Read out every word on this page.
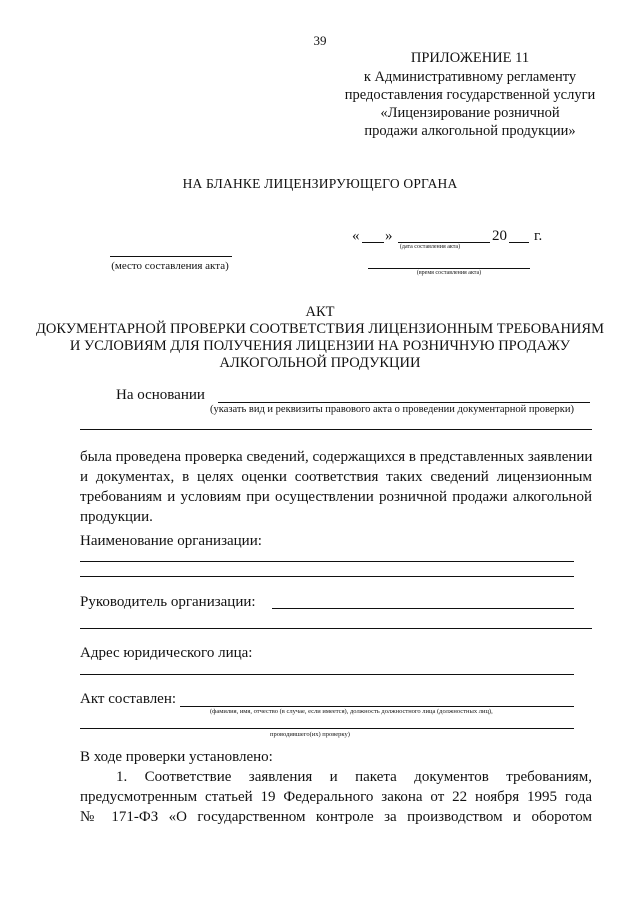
39
ПРИЛОЖЕНИЕ 11
к Административному регламенту
предоставления государственной услуги
«Лицензирование розничной
продажи алкогольной продукции»
НА БЛАНКЕ ЛИЦЕНЗИРУЮЩЕГО ОРГАНА
« »	20 г.
(дата составления акта)
(место составления акта)
(время составления акта)
АКТ
ДОКУМЕНТАРНОЙ ПРОВЕРКИ СООТВЕТСТВИЯ ЛИЦЕНЗИОННЫМ ТРЕБОВАНИЯМ
И УСЛОВИЯМ ДЛЯ ПОЛУЧЕНИЯ ЛИЦЕНЗИИ НА РОЗНИЧНУЮ ПРОДАЖУ
АЛКОГОЛЬНОЙ ПРОДУКЦИИ
На основании
(указать вид и реквизиты правового акта о проведении документарной проверки)
была проведена проверка сведений, содержащихся в представленных заявлении
и документах, в целях оценки соответствия таких сведений лицензионным
требованиям и условиям при осуществлении розничной продажи алкогольной
продукции.
Наименование организации:
Руководитель организации:
Адрес юридического лица:
Акт составлен:
(фамилия, имя, отчество (в случае, если имеется), должность должностного лица (должностных лиц),
проводившего(их) проверку)
В ходе проверки установлено:
1. Соответствие заявления и пакета документов требованиям,
предусмотренным статьей 19 Федерального закона от 22 ноября 1995 года
№ 171-ФЗ «О государственном контроле за производством и оборотом
